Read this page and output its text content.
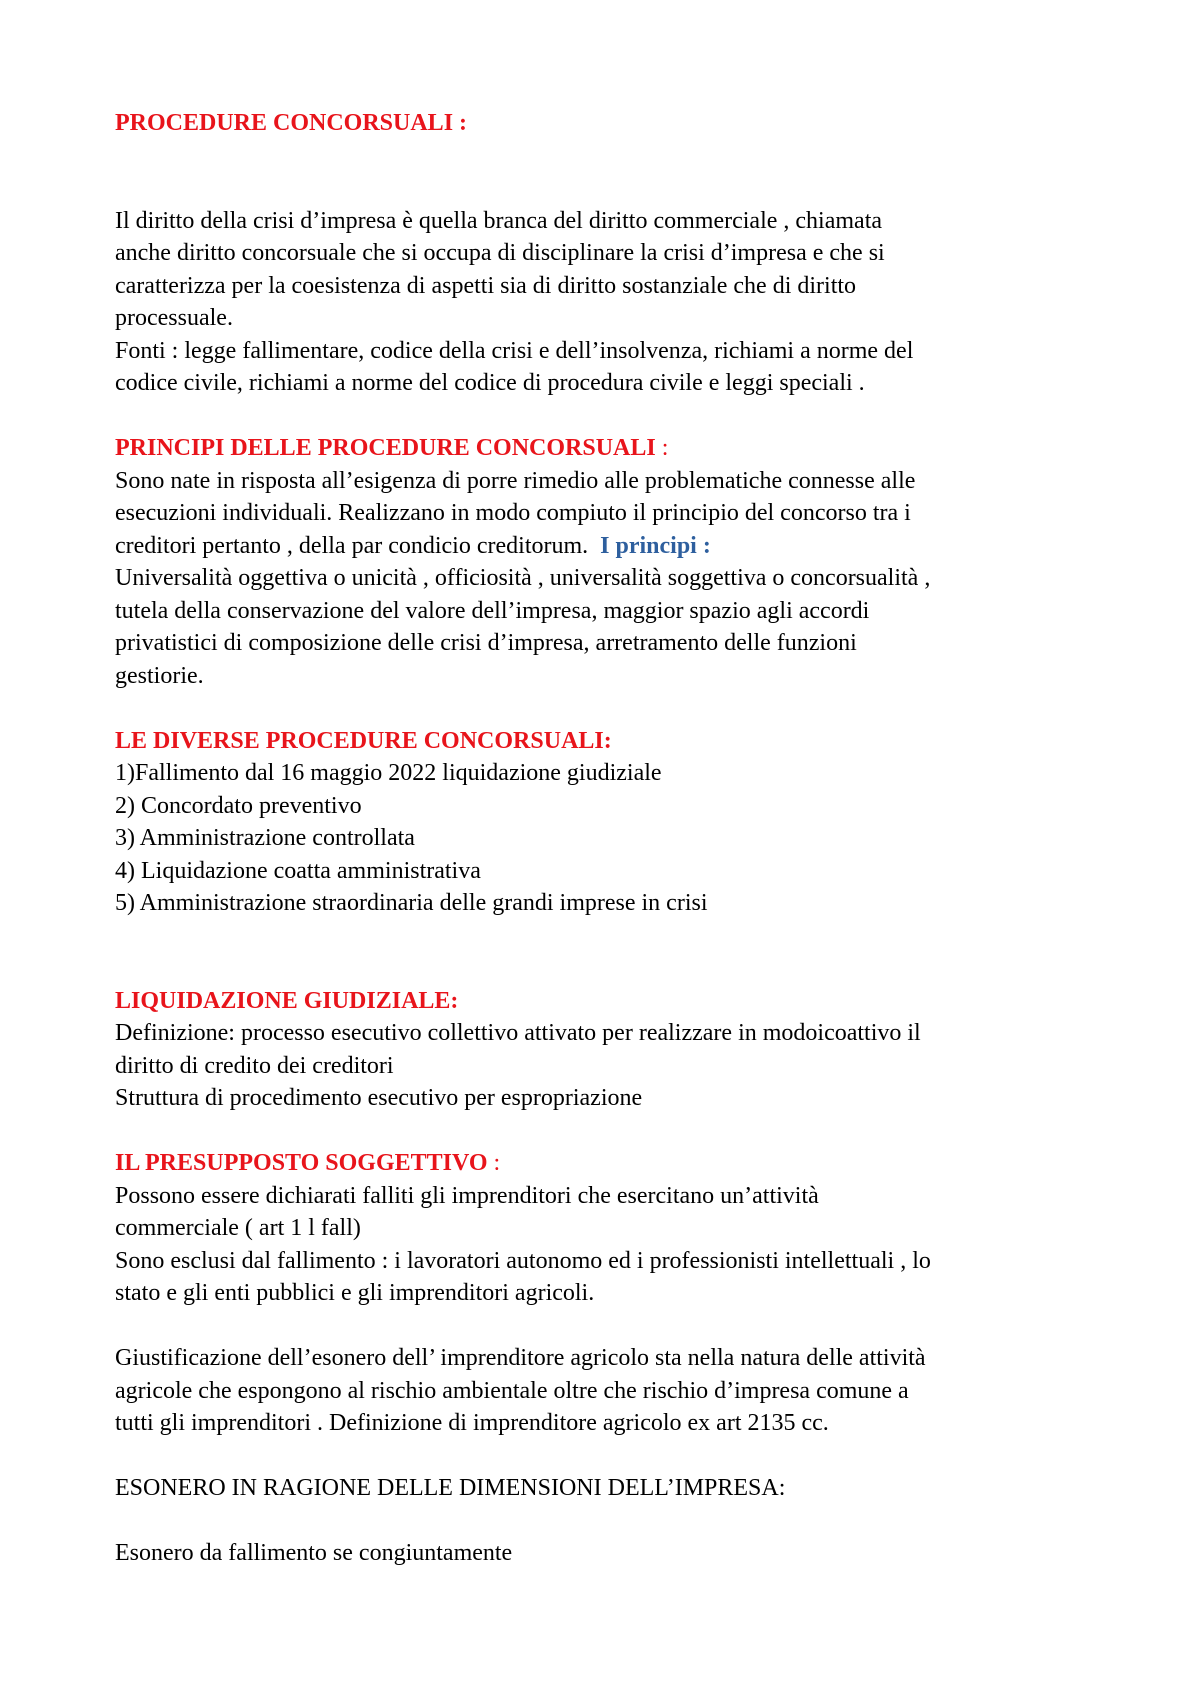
PROCEDURE CONCORSUALI :
Il diritto della crisi d’impresa è quella branca del diritto commerciale , chiamata
anche diritto concorsuale che si occupa di disciplinare la crisi d’impresa e che si
caratterizza per la coesistenza di aspetti sia di diritto sostanziale che di diritto
processuale.
Fonti : legge fallimentare, codice della crisi e dell’insolvenza, richiami a norme del
codice civile, richiami a norme del codice di procedura civile e leggi speciali .
PRINCIPI DELLE PROCEDURE CONCORSUALI :
Sono nate in risposta all’esigenza di porre rimedio alle problematiche connesse alle
esecuzioni individuali. Realizzano in modo compiuto il principio del concorso tra i
creditori pertanto , della par condicio creditorum.  I principi :
Universalità oggettiva o unicità , officiosità , universalità soggettiva o concorsualità ,
tutela della conservazione del valore dell’impresa, maggior spazio agli accordi
privatistici di composizione delle crisi d’impresa, arretramento delle funzioni
gestiorie.
LE DIVERSE PROCEDURE CONCORSUALI:
1)Fallimento dal 16 maggio 2022 liquidazione giudiziale
2) Concordato preventivo
3) Amministrazione controllata
4) Liquidazione coatta amministrativa
5) Amministrazione straordinaria delle grandi imprese in crisi
LIQUIDAZIONE GIUDIZIALE:
Definizione: processo esecutivo collettivo attivato per realizzare in modoicoattivo il
diritto di credito dei creditori
Struttura di procedimento esecutivo per espropriazione
IL PRESUPPOSTO SOGGETTIVO :
Possono essere dichiarati falliti gli imprenditori che esercitano un’attività
commerciale ( art 1 l fall)
Sono esclusi dal fallimento : i lavoratori autonomo ed i professionisti intellettuali , lo
stato e gli enti pubblici e gli imprenditori agricoli.
Giustificazione dell’esonero dell’ imprenditore agricolo sta nella natura delle attività
agricole che espongono al rischio ambientale oltre che rischio d’impresa comune a
tutti gli imprenditori . Definizione di imprenditore agricolo ex art 2135 cc.
ESONERO IN RAGIONE DELLE DIMENSIONI DELL’IMPRESA:
Esonero da fallimento se congiuntamente
